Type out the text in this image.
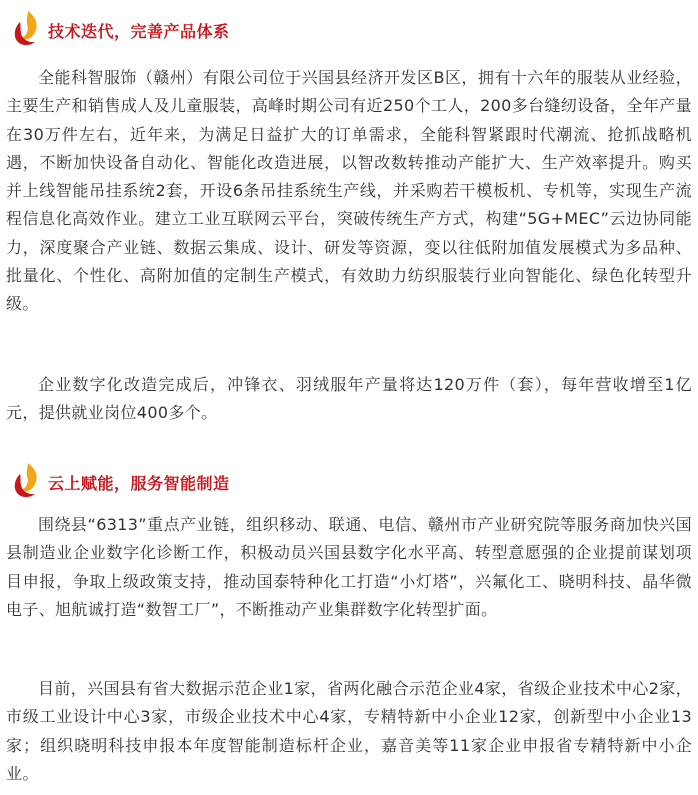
技术迭代，完善产品体系

全能科智服饰（赣州）有限公司位于兴国县经济开发区B区，拥有十六年的服装从业经验，主要生产和销售成人及儿童服装，高峰时期公司有近250个工人，200多台缝纫设备，全年产量在30万件左右，近年来，为满足日益扩大的订单需求，全能科智紧跟时代潮流、抢抓战略机遇，不断加快设备自动化、智能化改造进展，以智改数转推动产能扩大、生产效率提升。购买并上线智能吊挂系统2套，开设6条吊挂系统生产线，并采购若干模板机、专机等，实现生产流程信息化高效作业。建立工业互联网云平台，突破传统生产方式，构建“5G+MEC”云边协同能力，深度聚合产业链、数据云集成、设计、研发等资源，变以往低附加值发展模式为多品种、批量化、个性化、高附加值的定制生产模式，有效助力纺织服装行业向智能化、绿色化转型升级。

企业数字化改造完成后，冲锋衣、羽绒服年产量将达120万件（套），每年营收增至1亿元，提供就业岗位400多个。

云上赋能，服务智能制造

围绕县“6313”重点产业链，组织移动、联通、电信、赣州市产业研究院等服务商加快兴国县制造业企业数字化诊断工作，积极动员兴国县数字化水平高、转型意愿强的企业提前谋划项目申报，争取上级政策支持，推动国泰特种化工打造“小灯塔”，兴氟化工、晓明科技、晶华微电子、旭航诚打造“数智工厂”，不断推动产业集群数字化转型扩面。

目前，兴国县有省大数据示范企业1家，省两化融合示范企业4家，省级企业技术中心2家，市级工业设计中心3家，市级企业技术中心4家，专精特新中小企业12家，创新型中小企业13家；组织晓明科技申报本年度智能制造标杆企业，嘉音美等11家企业申报省专精特新中小企业。
